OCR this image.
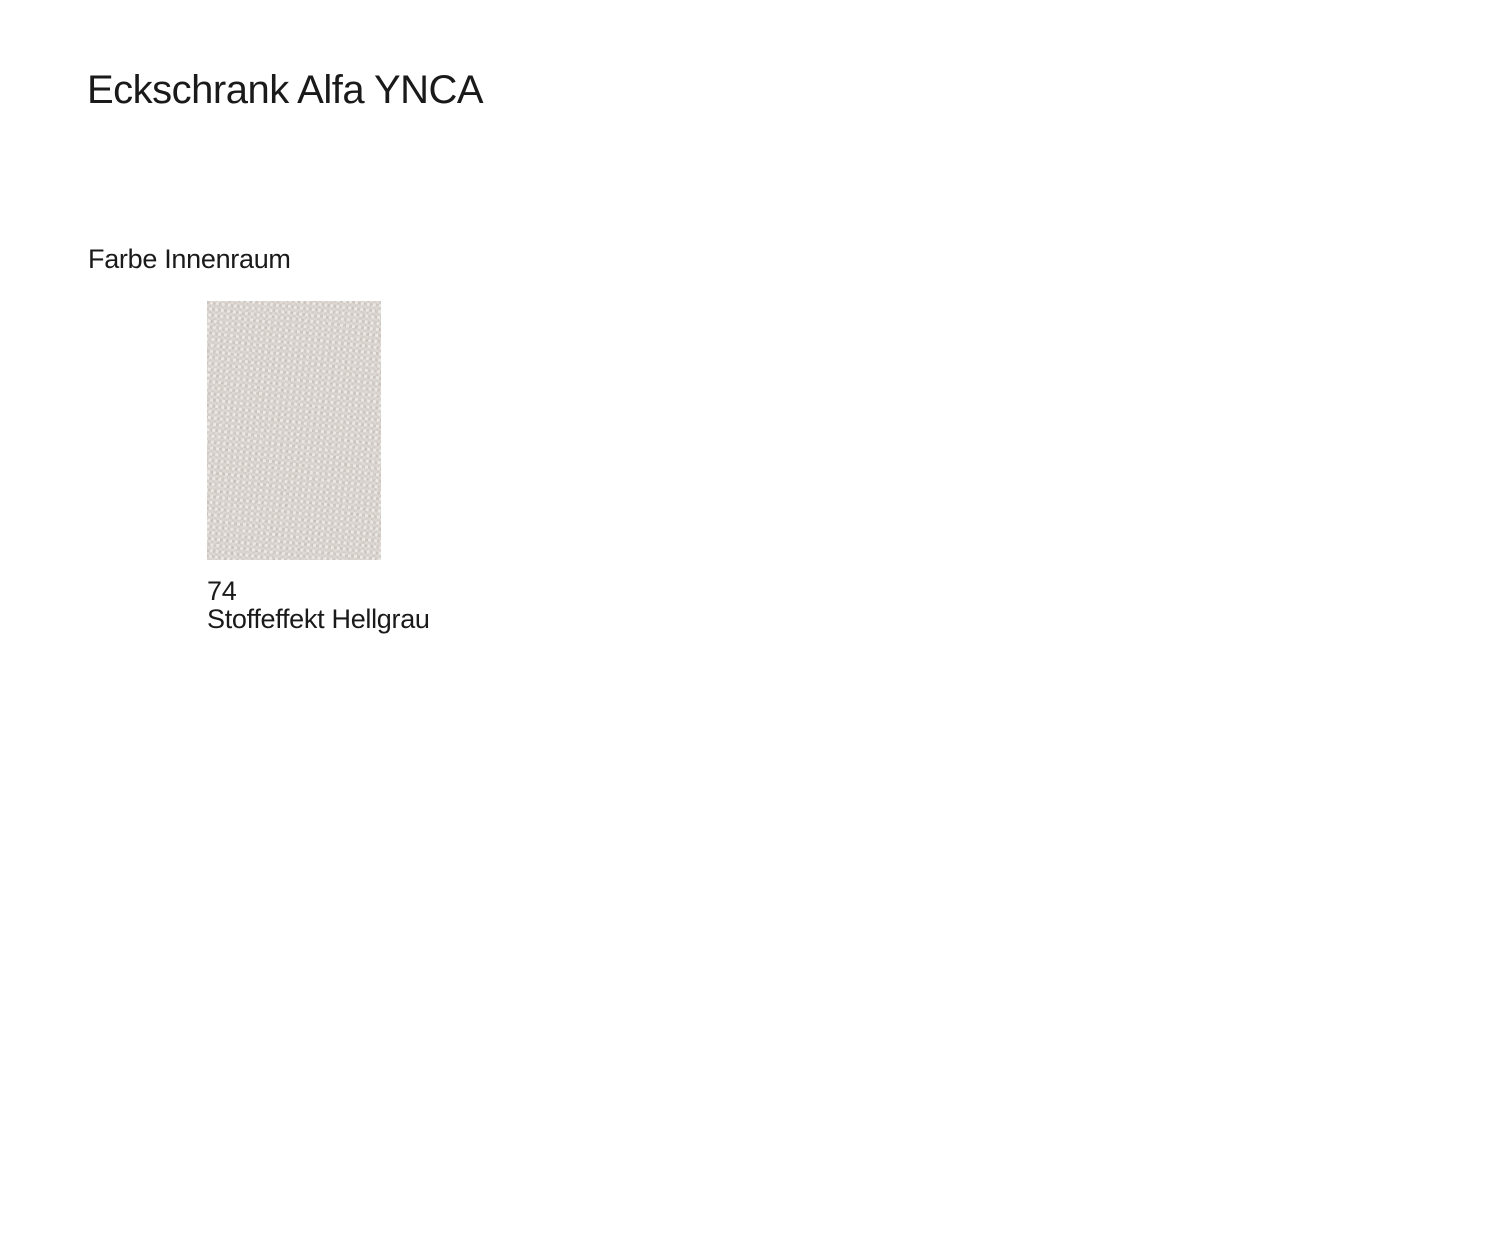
Eckschrank Alfa YNCA
Farbe Innenraum
74
Stoffeffekt Hellgrau
